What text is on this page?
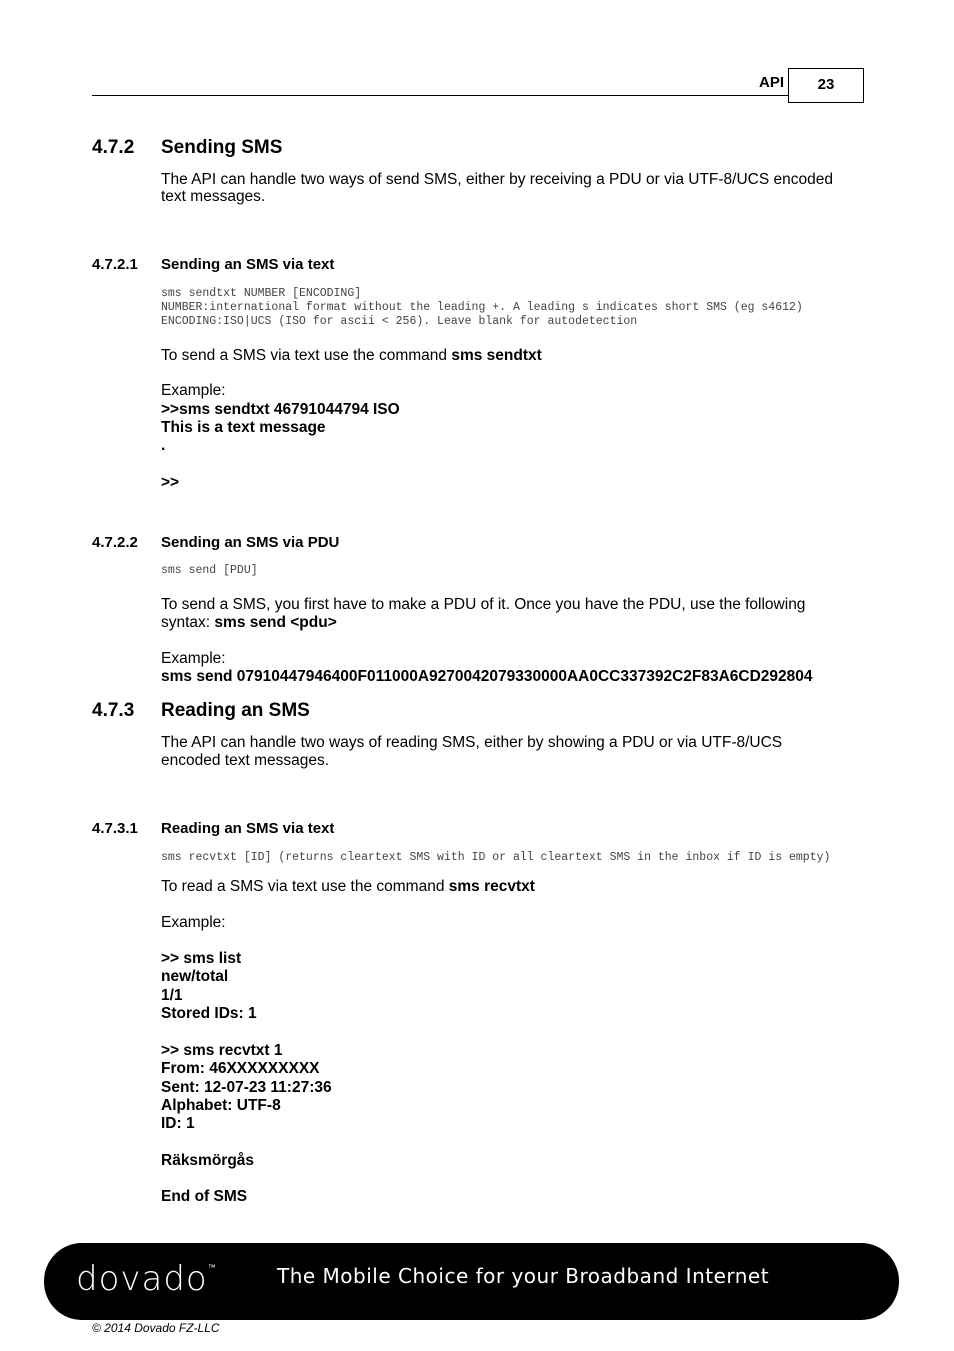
API	23
4.7.2 Sending SMS
The API can handle two ways of send SMS, either by receiving a PDU or via UTF-8/UCS encoded
text messages.
4.7.2.1 Sending an SMS via text
sms sendtxt NUMBER [ENCODING]
NUMBER:international format without the leading +. A leading s indicates short SMS (eg s4612)
ENCODING:ISO|UCS (ISO for ascii < 256). Leave blank for autodetection
To send a SMS via text use the command sms sendtxt
Example:
>>sms sendtxt 46791044794 ISO
This is a text message
.
>>
4.7.2.2 Sending an SMS via PDU
sms send [PDU]
To send a SMS, you first have to make a PDU of it. Once you have the PDU, use the following
syntax: sms send <pdu>
Example:
sms send 07910447946400F011000A9270042079330000AA0CC337392C2F83A6CD292804
4.7.3 Reading an SMS
The API can handle two ways of reading SMS, either by showing a PDU or via UTF-8/UCS
encoded text messages.
4.7.3.1 Reading an SMS via text
sms recvtxt [ID] (returns cleartext SMS with ID or all cleartext SMS in the inbox if ID is empty)
To read a SMS via text use the command sms recvtxt
Example:
>> sms list
new/total
1/1
Stored IDs: 1
>> sms recvtxt 1
From: 46XXXXXXXXX
Sent: 12-07-23 11:27:36
Alphabet: UTF-8
ID: 1
Räksmörgås
End of SMS
dovado™	The Mobile Choice for your Broadband Internet
© 2014 Dovado FZ-LLC
